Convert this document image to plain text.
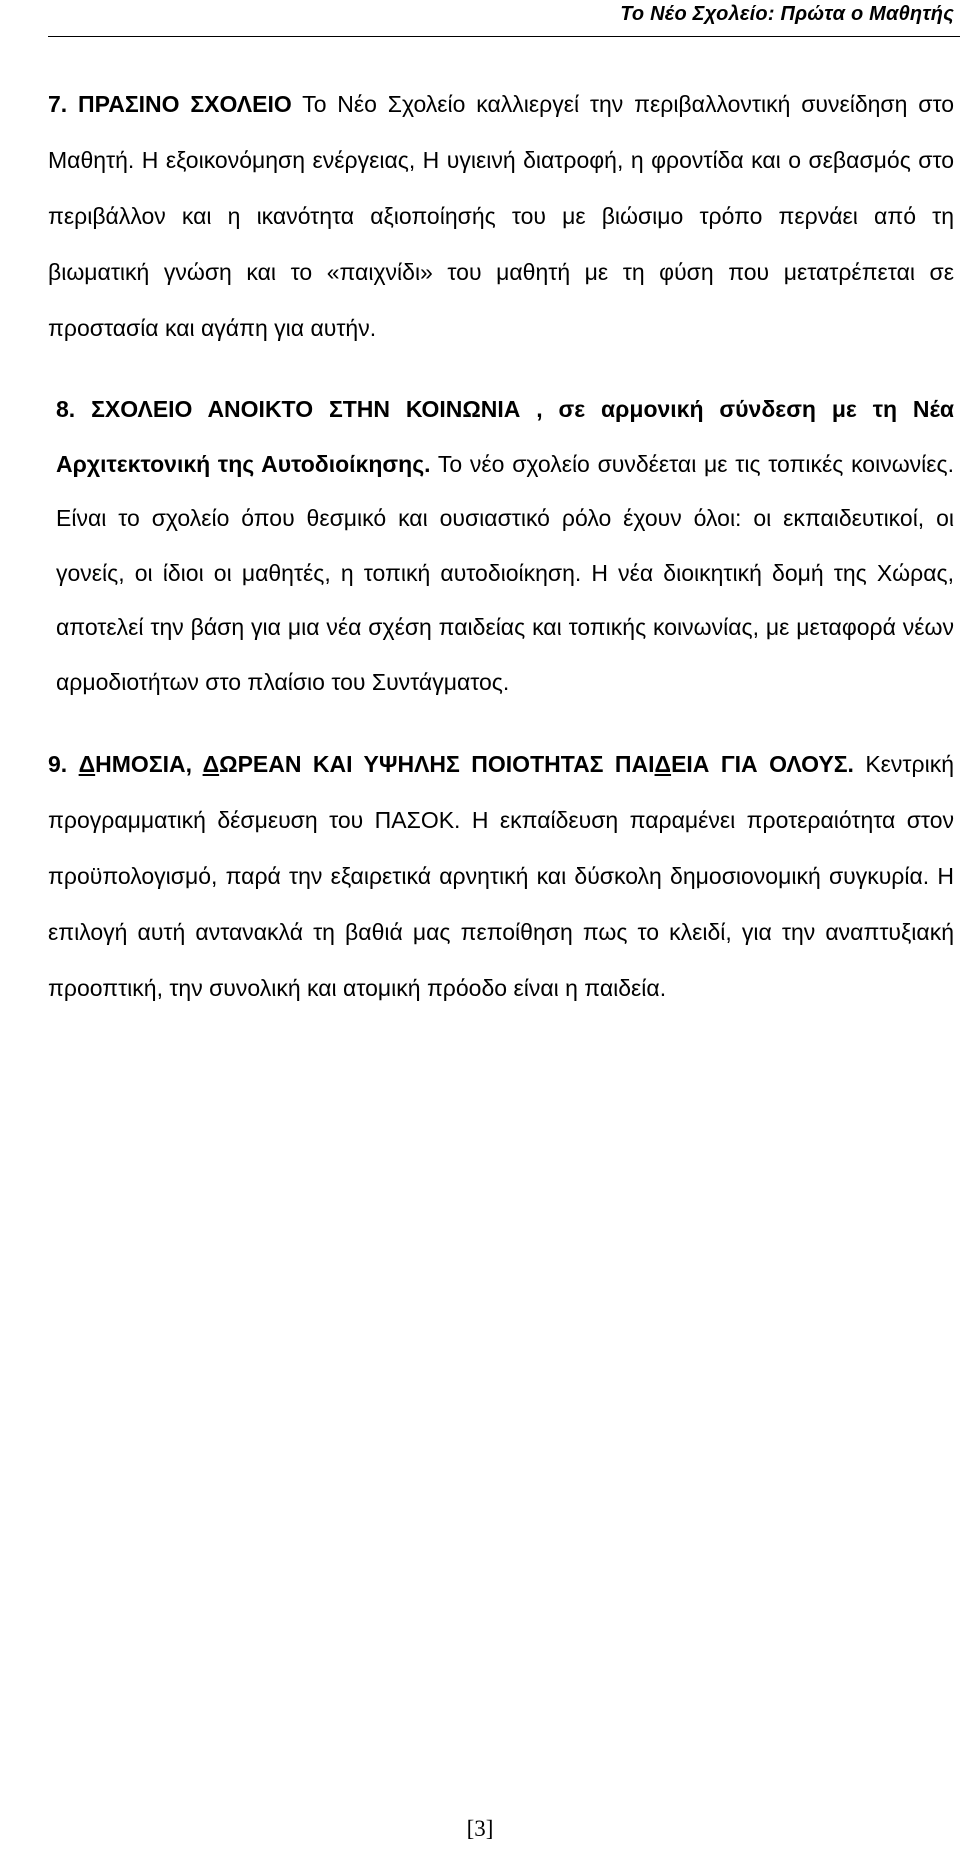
Το Νέο Σχολείο: Πρώτα ο Μαθητής

7. ΠΡΑΣΙΝΟ ΣΧΟΛΕΙΟ Το Νέο Σχολείο καλλιεργεί την περιβαλλοντική συνείδηση στο Μαθητή. Η εξοικονόμηση ενέργειας, Η υγιεινή διατροφή, η φροντίδα και ο σεβασμός στο περιβάλλον και η ικανότητα αξιοποίησής του με βιώσιμο τρόπο περνάει από τη βιωματική γνώση και το «παιχνίδι» του μαθητή με τη φύση που μετατρέπεται σε προστασία και αγάπη για αυτήν.

8. ΣΧΟΛΕΙΟ ΑΝΟΙΚΤΟ ΣΤΗΝ ΚΟΙΝΩΝΙΑ , σε αρμονική σύνδεση με τη Νέα Αρχιτεκτονική της Αυτοδιοίκησης. Το νέο σχολείο συνδέεται με τις τοπικές κοινωνίες. Είναι το σχολείο όπου θεσμικό και ουσιαστικό ρόλο έχουν όλοι: οι εκπαιδευτικοί, οι γονείς, οι ίδιοι οι μαθητές, η τοπική αυτοδιοίκηση. Η νέα διοικητική δομή της Χώρας, αποτελεί την βάση για μια νέα σχέση παιδείας και τοπικής κοινωνίας, με μεταφορά νέων αρμοδιοτήτων στο πλαίσιο του Συντάγματος.

9. ΔΗΜΟΣΙΑ, ΔΩΡΕΑΝ ΚΑΙ ΥΨΗΛΗΣ ΠΟΙΟΤΗΤΑΣ ΠΑΙΔΕΙΑ ΓΙΑ ΟΛΟΥΣ. Κεντρική προγραμματική δέσμευση του ΠΑΣΟΚ. Η εκπαίδευση παραμένει προτεραιότητα στον προϋπολογισμό, παρά την εξαιρετικά αρνητική και δύσκολη δημοσιονομική συγκυρία. Η επιλογή αυτή αντανακλά τη βαθιά μας πεποίθηση πως το κλειδί, για την αναπτυξιακή προοπτική, την συνολική και ατομική πρόοδο είναι η παιδεία.

[3]
